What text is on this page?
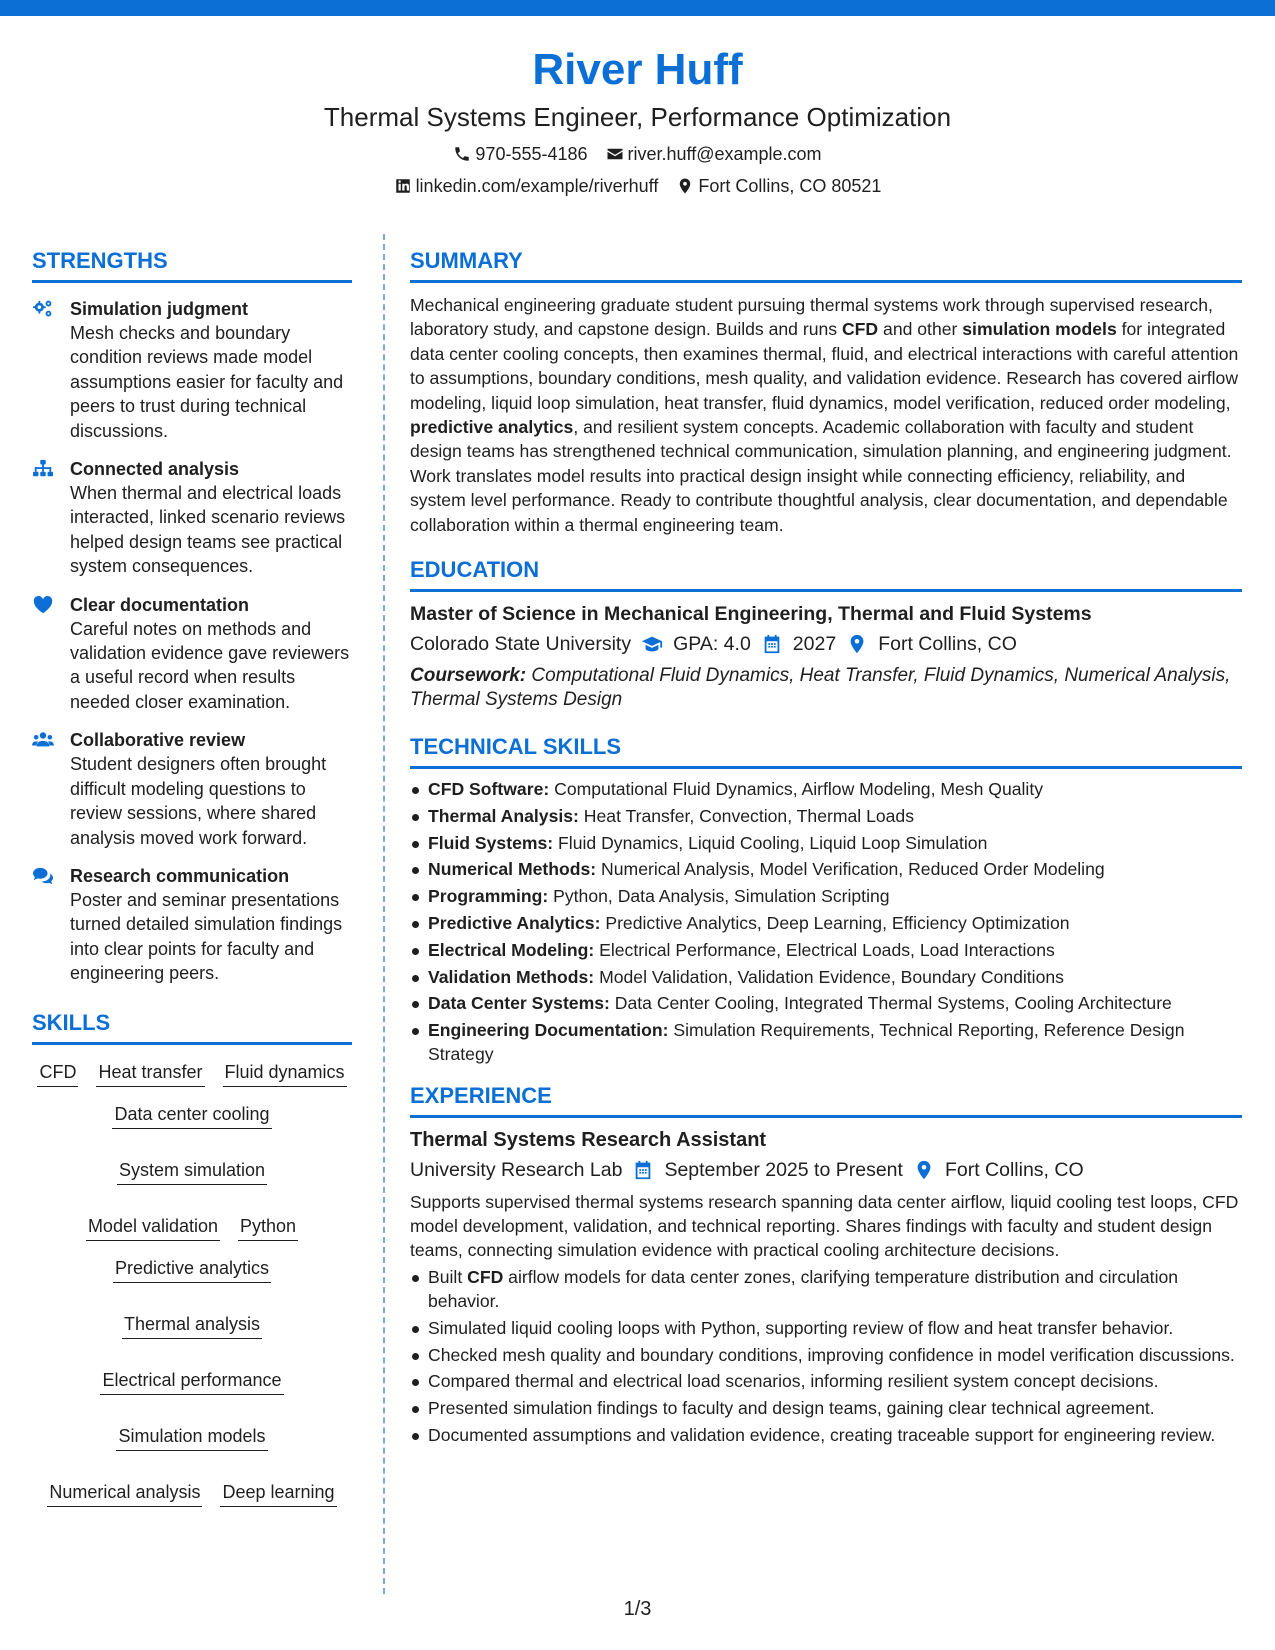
River Huff
Thermal Systems Engineer, Performance Optimization
970-555-4186 river.huff@example.com
linkedin.com/example/riverhuff Fort Collins, CO 80521
STRENGTHS
Simulation judgment
Mesh checks and boundary condition reviews made model assumptions easier for faculty and peers to trust during technical discussions.
Connected analysis
When thermal and electrical loads interacted, linked scenario reviews helped design teams see practical system consequences.
Clear documentation
Careful notes on methods and validation evidence gave reviewers a useful record when results needed closer examination.
Collaborative review
Student designers often brought difficult modeling questions to review sessions, where shared analysis moved work forward.
Research communication
Poster and seminar presentations turned detailed simulation findings into clear points for faculty and engineering peers.
SKILLS
CFD Heat transfer Fluid dynamics
Data center cooling
System simulation
Model validation Python
Predictive analytics
Thermal analysis
Electrical performance
Simulation models
Numerical analysis Deep learning
SUMMARY

Mechanical engineering graduate student pursuing thermal systems work through supervised research, laboratory study, and capstone design. Builds and runs CFD and other simulation models for integrated data center cooling concepts, then examines thermal, fluid, and electrical interactions with careful attention to assumptions, boundary conditions, mesh quality, and validation evidence. Research has covered airflow modeling, liquid loop simulation, heat transfer, fluid dynamics, model verification, reduced order modeling, predictive analytics, and resilient system concepts. Academic collaboration with faculty and student design teams has strengthened technical communication, simulation planning, and engineering judgment. Work translates model results into practical design insight while connecting efficiency, reliability, and system level performance. Ready to contribute thoughtful analysis, clear documentation, and dependable collaboration within a thermal engineering team.

EDUCATION
Master of Science in Mechanical Engineering, Thermal and Fluid Systems
Colorado State University GPA: 4.0 2027 Fort Collins, CO
Coursework: Computational Fluid Dynamics, Heat Transfer, Fluid Dynamics, Numerical Analysis, Thermal Systems Design
TECHNICAL SKILLS
CFD Software: Computational Fluid Dynamics, Airflow Modeling, Mesh Quality
Thermal Analysis: Heat Transfer, Convection, Thermal Loads
Fluid Systems: Fluid Dynamics, Liquid Cooling, Liquid Loop Simulation
Numerical Methods: Numerical Analysis, Model Verification, Reduced Order Modeling
Programming: Python, Data Analysis, Simulation Scripting
Predictive Analytics: Predictive Analytics, Deep Learning, Efficiency Optimization
Electrical Modeling: Electrical Performance, Electrical Loads, Load Interactions
Validation Methods: Model Validation, Validation Evidence, Boundary Conditions
Data Center Systems: Data Center Cooling, Integrated Thermal Systems, Cooling Architecture
Engineering Documentation: Simulation Requirements, Technical Reporting, Reference Design Strategy
EXPERIENCE
Thermal Systems Research Assistant
University Research Lab September 2025 to Present Fort Collins, CO

Supports supervised thermal systems research spanning data center airflow, liquid cooling test loops, CFD model development, validation, and technical reporting. Shares findings with faculty and student design teams, connecting simulation evidence with practical cooling architecture decisions.

Built CFD airflow models for data center zones, clarifying temperature distribution and circulation behavior.
Simulated liquid cooling loops with Python, supporting review of flow and heat transfer behavior.
Checked mesh quality and boundary conditions, improving confidence in model verification discussions.
Compared thermal and electrical load scenarios, informing resilient system concept decisions.
Presented simulation findings to faculty and design teams, gaining clear technical agreement.
Documented assumptions and validation evidence, creating traceable support for engineering review.
1/3
